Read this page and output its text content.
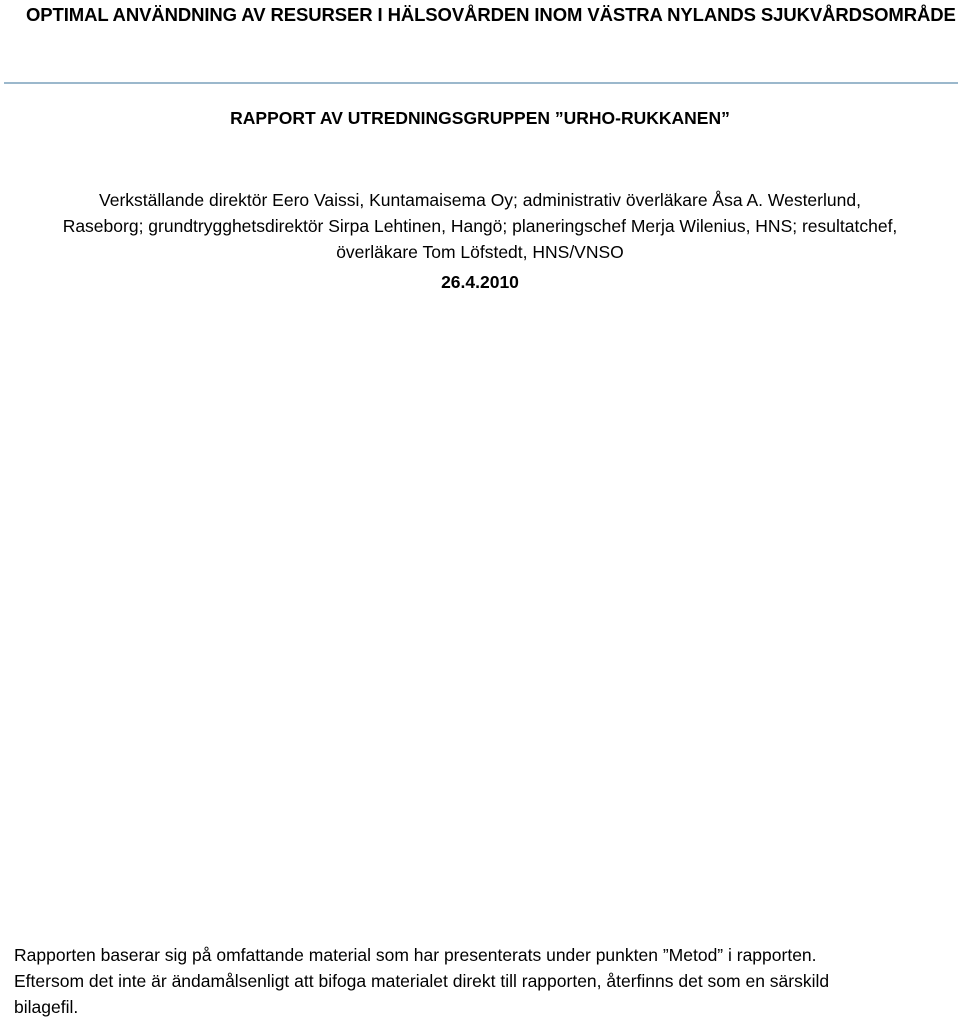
OPTIMAL ANVÄNDNING AV RESURSER I HÄLSOVÅRDEN INOM VÄSTRA NYLANDS SJUKVÅRDSOMRÅDE
RAPPORT AV UTREDNINGSGRUPPEN ”URHO-RUKKANEN”
Verkställande direktör Eero Vaissi, Kuntamaisema Oy; administrativ överläkare Åsa A. Westerlund,
Raseborg; grundtrygghetsdirektör Sirpa Lehtinen, Hangö; planeringschef Merja Wilenius, HNS; resultatchef,
överläkare Tom Löfstedt, HNS/VNSO
26.4.2010
Rapporten baserar sig på omfattande material som har presenterats under punkten ”Metod” i rapporten.
Eftersom det inte är ändamålsenligt att bifoga materialet direkt till rapporten, återfinns det som en särskild
bilagefil.
